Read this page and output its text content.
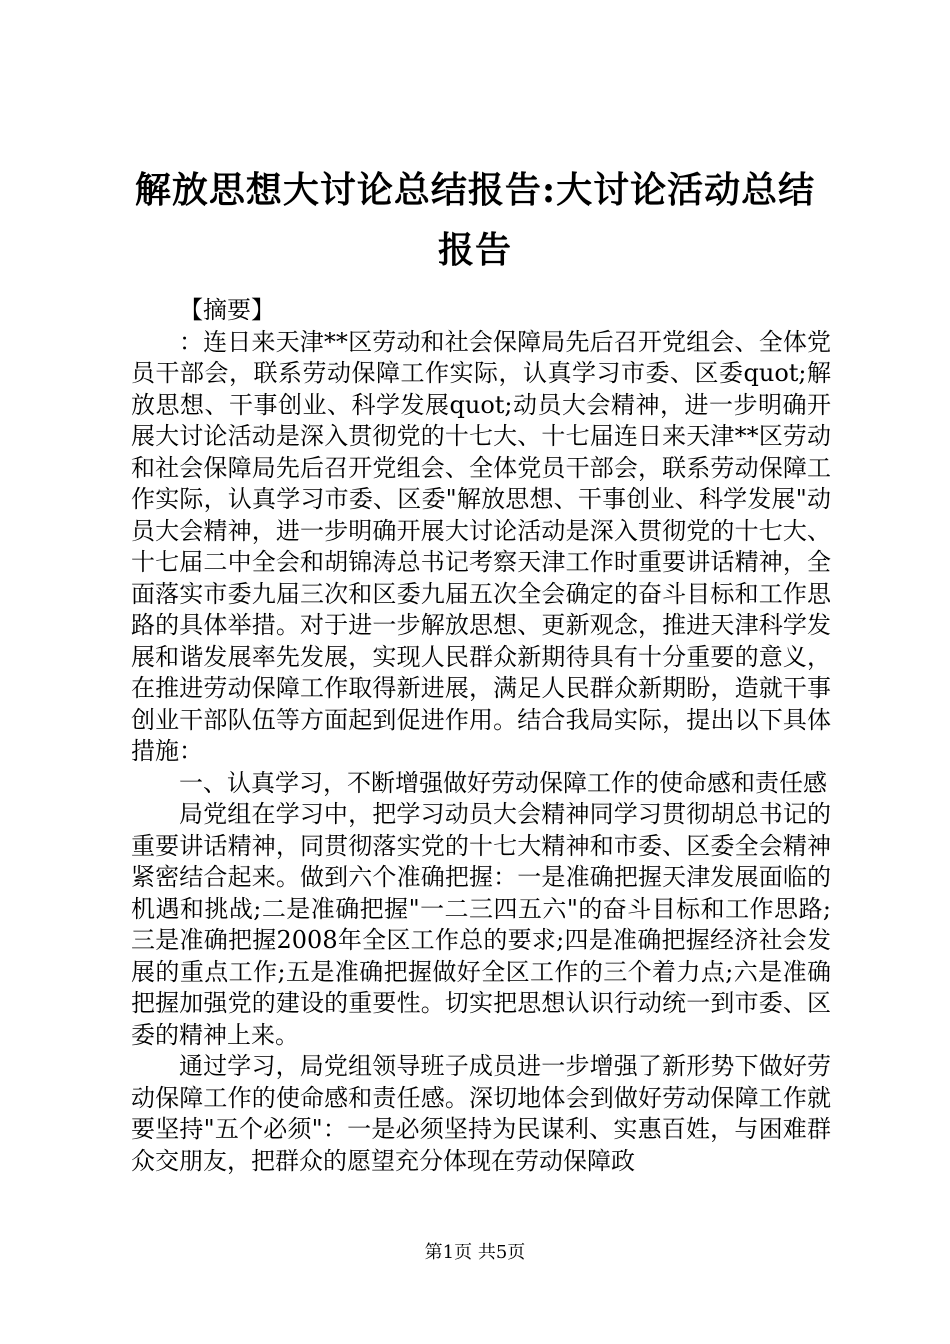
解放思想大讨论总结报告:大讨论活动总结报告

【摘要】

：连日来天津**区劳动和社会保障局先后召开党组会、全体党员干部会，联系劳动保障工作实际，认真学习市委、区委quot;解放思想、干事创业、科学发展quot;动员大会精神，进一步明确开展大讨论活动是深入贯彻党的十七大、十七届连日来天津**区劳动和社会保障局先后召开党组会、全体党员干部会，联系劳动保障工作实际，认真学习市委、区委"解放思想、干事创业、科学发展"动员大会精神，进一步明确开展大讨论活动是深入贯彻党的十七大、十七届二中全会和胡锦涛总书记考察天津工作时重要讲话精神，全面落实市委九届三次和区委九届五次全会确定的奋斗目标和工作思路的具体举措。对于进一步解放思想、更新观念，推进天津科学发展和谐发展率先发展，实现人民群众新期待具有十分重要的意义，在推进劳动保障工作取得新进展，满足人民群众新期盼，造就干事创业干部队伍等方面起到促进作用。结合我局实际，提出以下具体措施：

一、认真学习，不断增强做好劳动保障工作的使命感和责任感

局党组在学习中，把学习动员大会精神同学习贯彻胡总书记的重要讲话精神，同贯彻落实党的十七大精神和市委、区委全会精神紧密结合起来。做到六个准确把握：一是准确把握天津发展面临的机遇和挑战;二是准确把握"一二三四五六"的奋斗目标和工作思路;三是准确把握2008年全区工作总的要求;四是准确把握经济社会发展的重点工作;五是准确把握做好全区工作的三个着力点;六是准确把握加强党的建设的重要性。切实把思想认识行动统一到市委、区委的精神上来。

通过学习，局党组领导班子成员进一步增强了新形势下做好劳动保障工作的使命感和责任感。深切地体会到做好劳动保障工作就要坚持"五个必须"：一是必须坚持为民谋利、实惠百姓，与困难群众交朋友，把群众的愿望充分体现在劳动保障政

第1页 共5页
